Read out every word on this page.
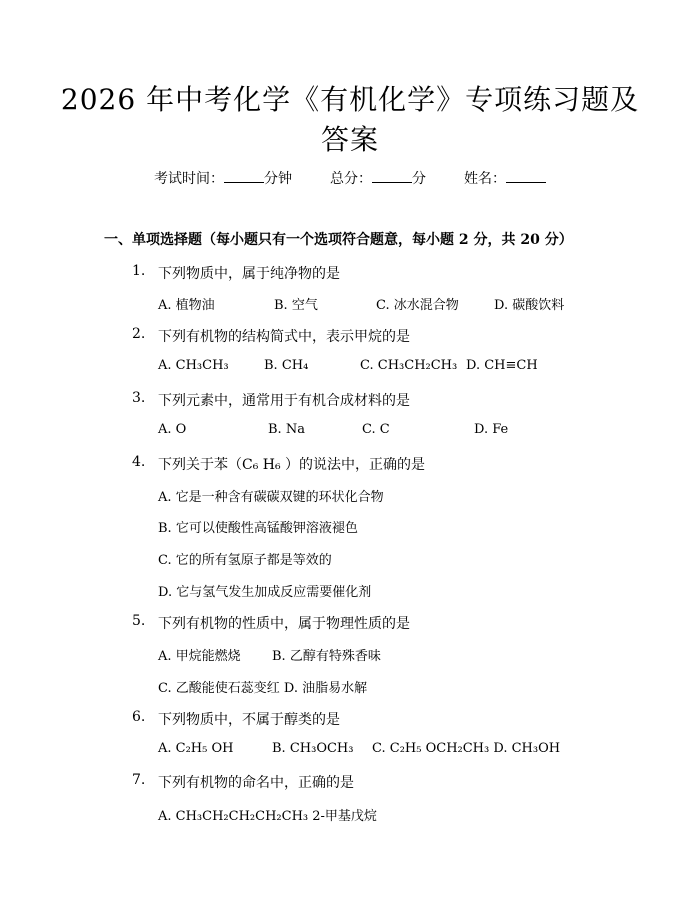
2026 年中考化学《有机化学》专项练习题及
答案
考试时间：	分钟	总分：	分	姓名：
一、单项选择题（每小题只有一个选项符合题意，每小题 2 分，共 20 分）
1. 下列物质中，属于纯净物的是
A. 植物油	B. 空气	C. 冰水混合物	D. 碳酸饮料
2. 下列有机物的结构简式中，表示甲烷的是
A. CH₃CH₃	B. CH₄	C. CH₃CH₂CH₃ D. CH≡CH
3. 下列元素中，通常用于有机合成材料的是
A. O	B. Na	C. C	D. Fe
4. 下列关于苯（C₆ H₆ ）的说法中，正确的是
A. 它是一种含有碳碳双键的环状化合物
B. 它可以使酸性高锰酸钾溶液褪色
C. 它的所有氢原子都是等效的
D. 它与氢气发生加成反应需要催化剂
5. 下列有机物的性质中，属于物理性质的是
A. 甲烷能燃烧 B. 乙醇有特殊香味
C. 乙酸能使石蕊变红 D. 油脂易水解
6. 下列物质中，不属于醇类的是
A. C₂H₅ OH	B. CH₃OCH₃ C. C₂H₅ OCH₂CH₃ D. CH₃OH
7. 下列有机物的命名中，正确的是
A. CH₃CH₂CH₂CH₂CH₃ 2-甲基戊烷
